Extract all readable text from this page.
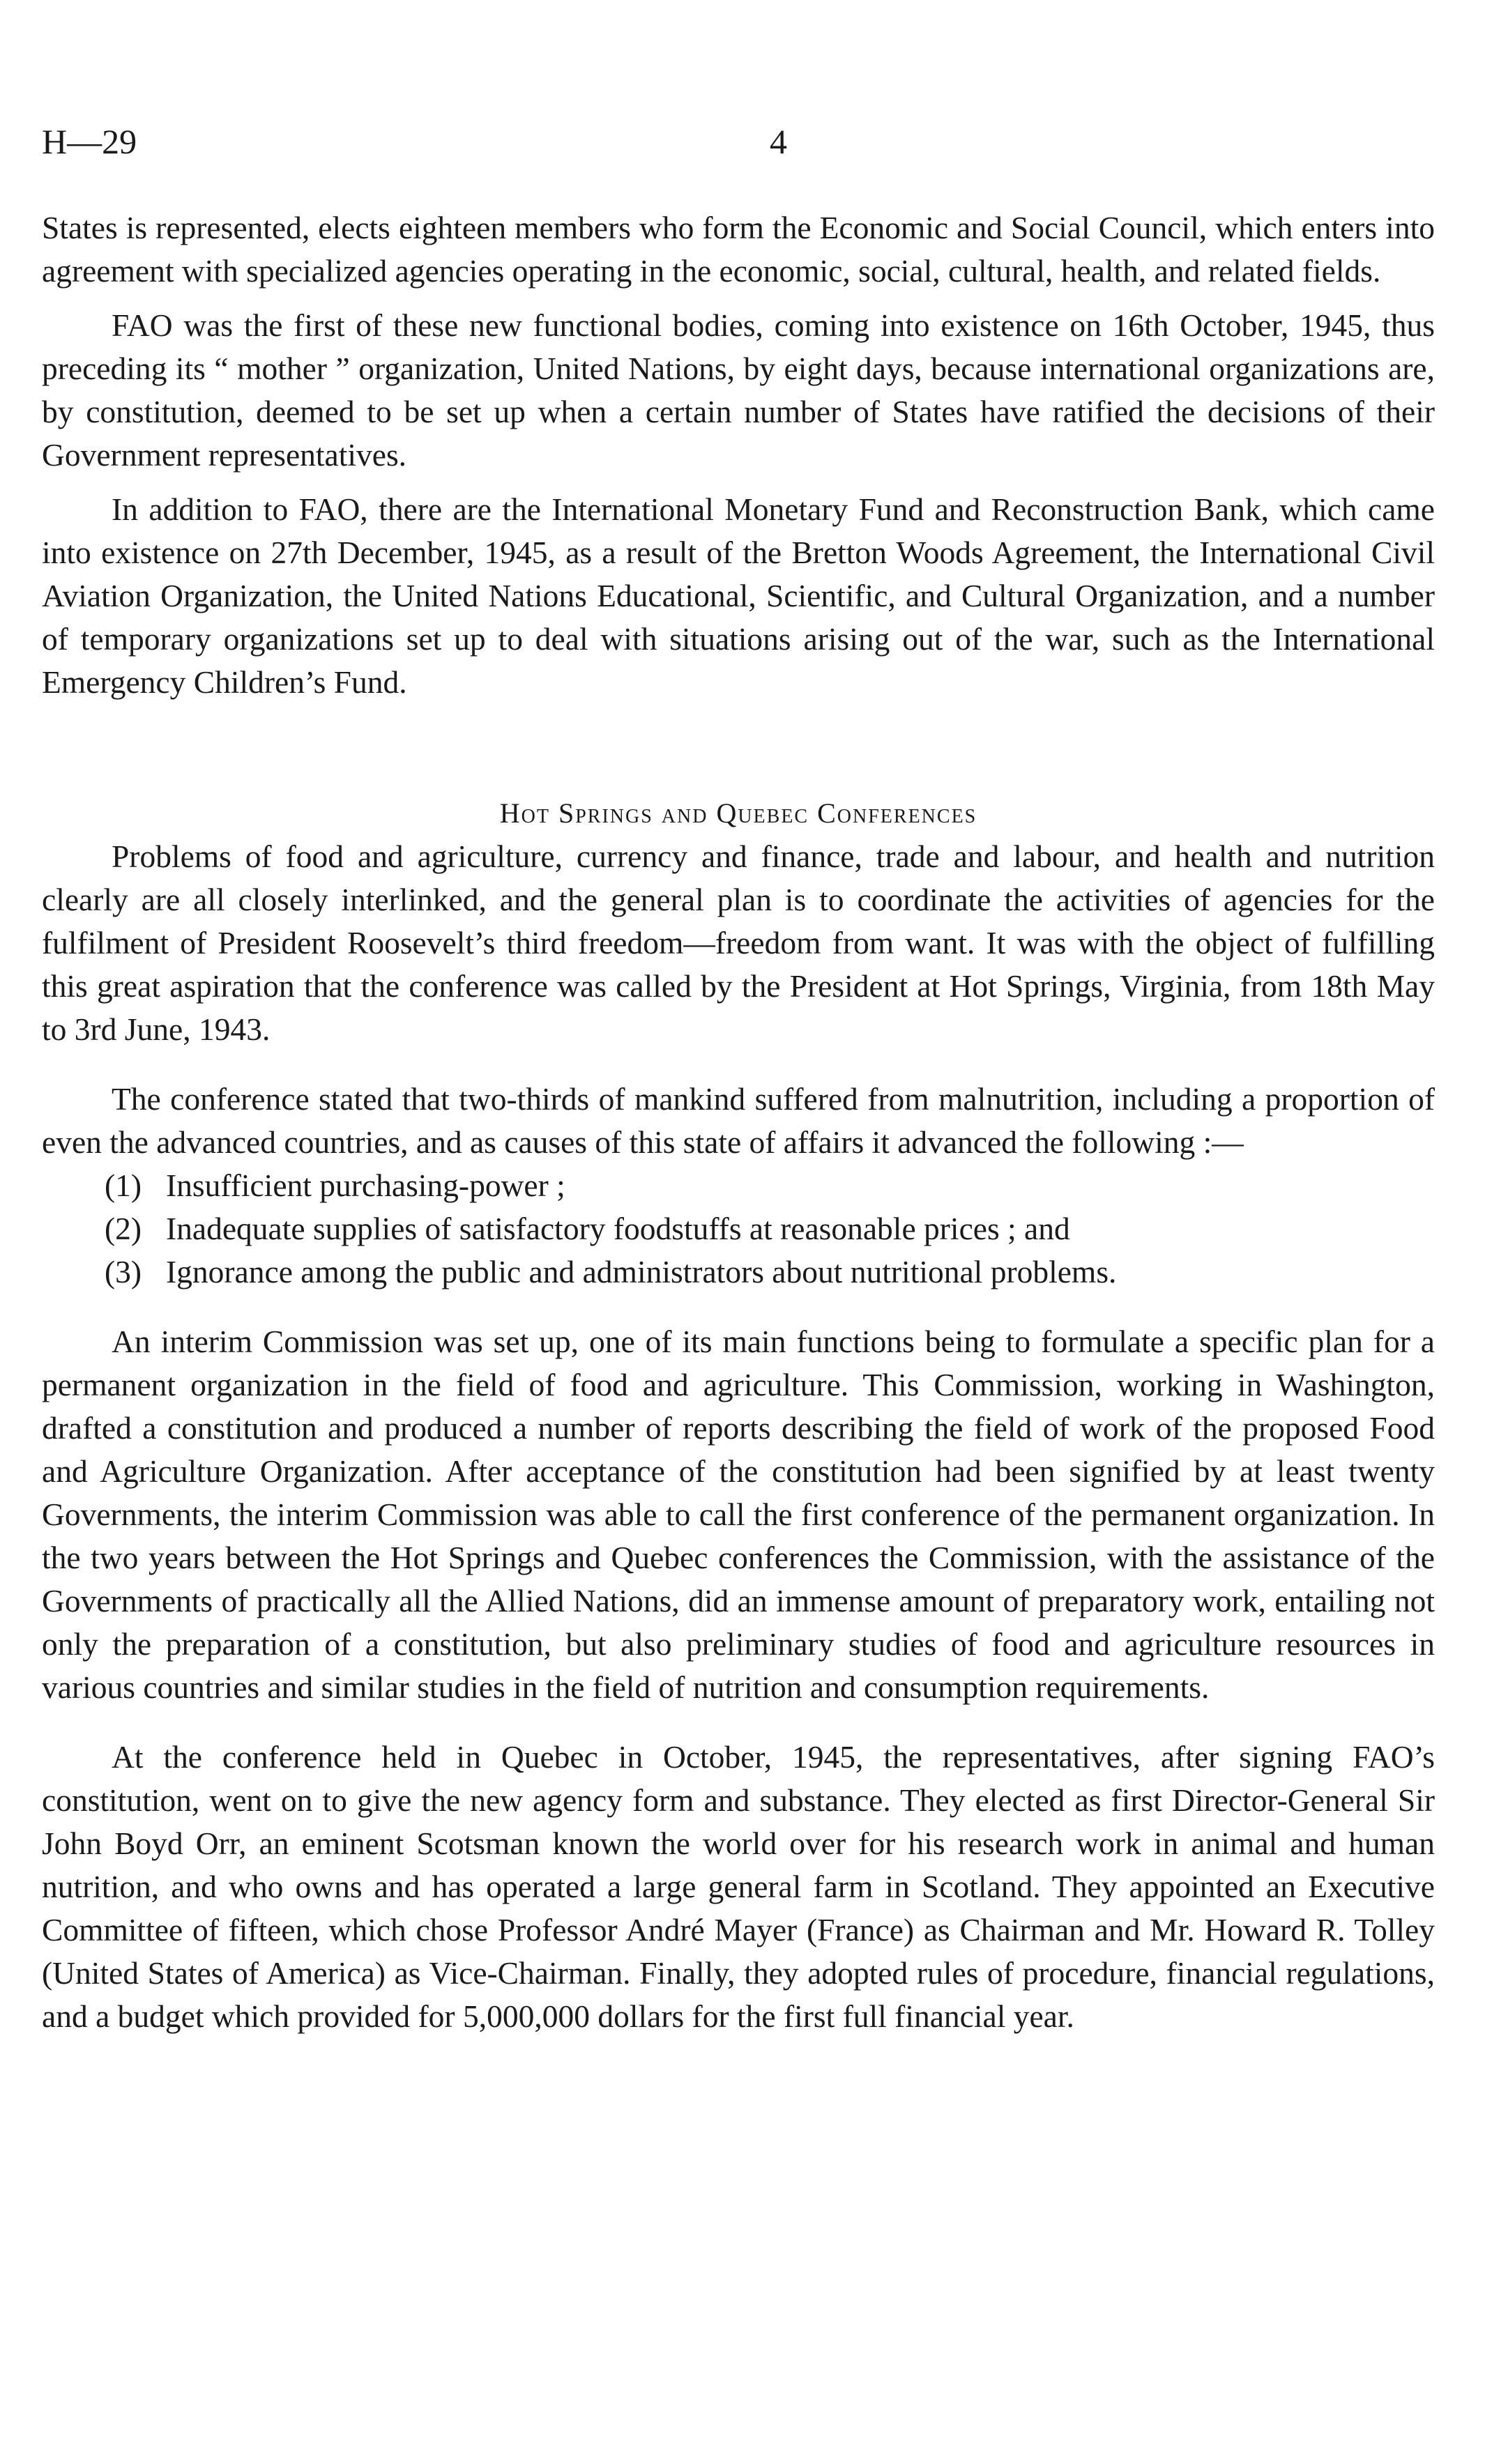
H—29	4

States is represented, elects eighteen members who form the Economic and Social Council, which enters into agreement with specialized agencies operating in the economic, social, cultural, health, and related fields.

FAO was the first of these new functional bodies, coming into existence on 16th October, 1945, thus preceding its “ mother ” organization, United Nations, by eight days, because international organizations are, by constitution, deemed to be set up when a certain number of States have ratified the decisions of their Government representatives.

In addition to FAO, there are the International Monetary Fund and Reconstruction Bank, which came into existence on 27th December, 1945, as a result of the Bretton Woods Agreement, the International Civil Aviation Organization, the United Nations Educational, Scientific, and Cultural Organization, and a number of temporary organizations set up to deal with situations arising out of the war, such as the International Emergency Children’s Fund.

Hot Springs and Quebec Conferences

Problems of food and agriculture, currency and finance, trade and labour, and health and nutrition clearly are all closely interlinked, and the general plan is to coordinate the activities of agencies for the fulfilment of President Roosevelt’s third freedom—freedom from want. It was with the object of fulfilling this great aspiration that the conference was called by the President at Hot Springs, Virginia, from 18th May to 3rd June, 1943.

The conference stated that two-thirds of mankind suffered from malnutrition, including a proportion of even the advanced countries, and as causes of this state of affairs it advanced the following :—

(1) Insufficient purchasing-power ;
(2) Inadequate supplies of satisfactory foodstuffs at reasonable prices ; and
(3) Ignorance among the public and administrators about nutritional problems.

An interim Commission was set up, one of its main functions being to formulate a specific plan for a permanent organization in the field of food and agriculture. This Commission, working in Washington, drafted a constitution and produced a number of reports describing the field of work of the proposed Food and Agriculture Organization. After acceptance of the constitution had been signified by at least twenty Governments, the interim Commission was able to call the first conference of the permanent organization. In the two years between the Hot Springs and Quebec conferences the Commission, with the assistance of the Governments of practically all the Allied Nations, did an immense amount of preparatory work, entailing not only the preparation of a constitution, but also preliminary studies of food and agriculture resources in various countries and similar studies in the field of nutrition and consumption requirements.

At the conference held in Quebec in October, 1945, the representatives, after signing FAO’s constitution, went on to give the new agency form and substance. They elected as first Director-General Sir John Boyd Orr, an eminent Scotsman known the world over for his research work in animal and human nutrition, and who owns and has operated a large general farm in Scotland. They appointed an Executive Committee of fifteen, which chose Professor André Mayer (France) as Chairman and Mr. Howard R. Tolley (United States of America) as Vice-Chairman. Finally, they adopted rules of procedure, financial regulations, and a budget which provided for 5,000,000 dollars for the first full financial year.
